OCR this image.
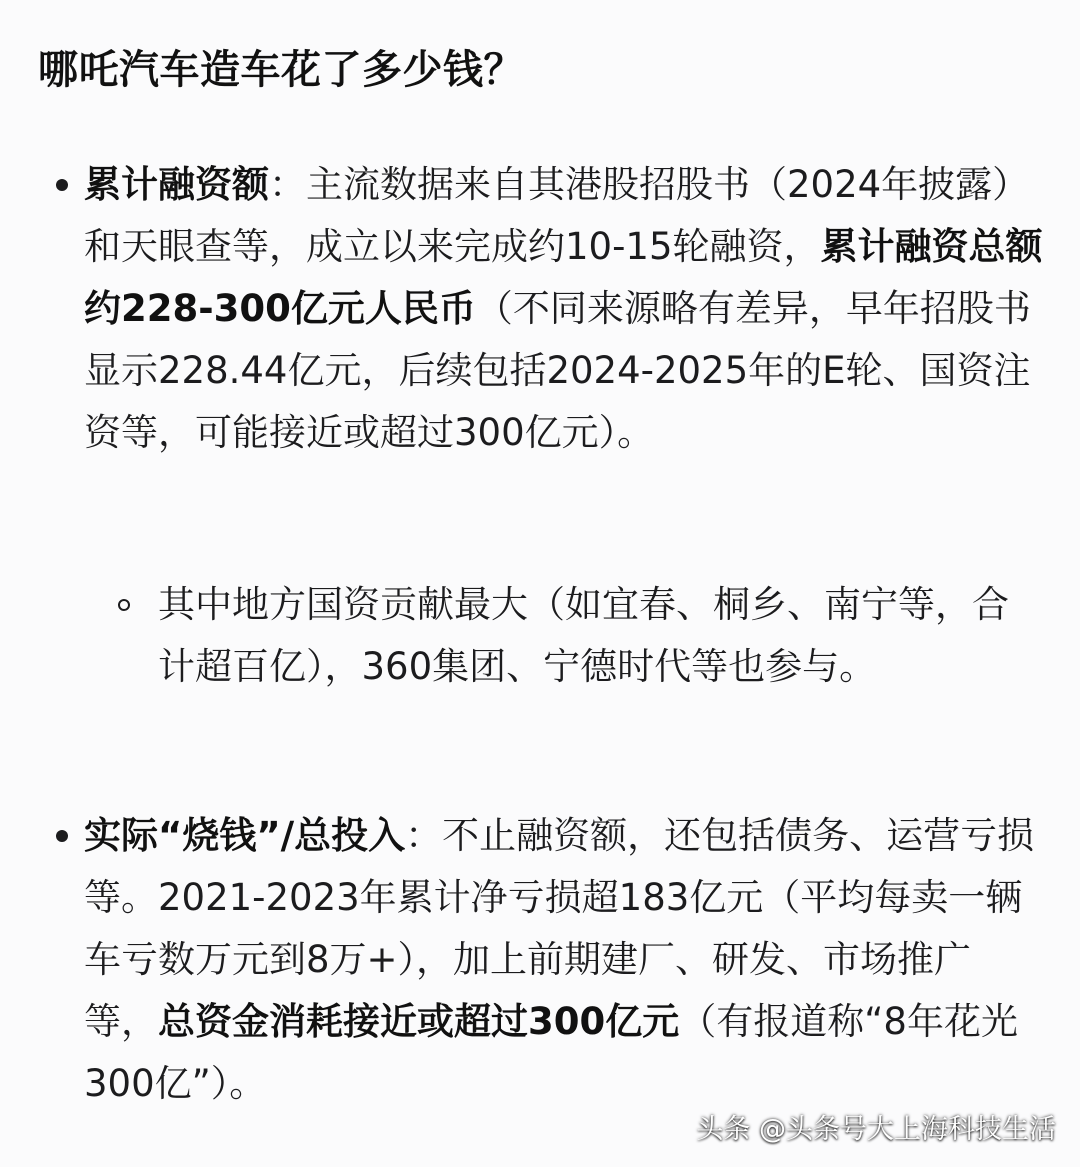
哪吒汽车造车花了多少钱？

累计融资额：主流数据来自其港股招股书（2024年披露）和天眼查等，成立以来完成约10-15轮融资，累计融资总额约228-300亿元人民币（不同来源略有差异，早年招股书显示228.44亿元，后续包括2024-2025年的E轮、国资注资等，可能接近或超过300亿元）。

其中地方国资贡献最大（如宜春、桐乡、南宁等，合计超百亿），360集团、宁德时代等也参与。

实际“烧钱”/总投入：不止融资额，还包括债务、运营亏损等。2021-2023年累计净亏损超183亿元（平均每卖一辆车亏数万元到8万+），加上前期建厂、研发、市场推广等，总资金消耗接近或超过300亿元（有报道称“8年花光300亿”）。

头条 @头条号大上海科技生活
